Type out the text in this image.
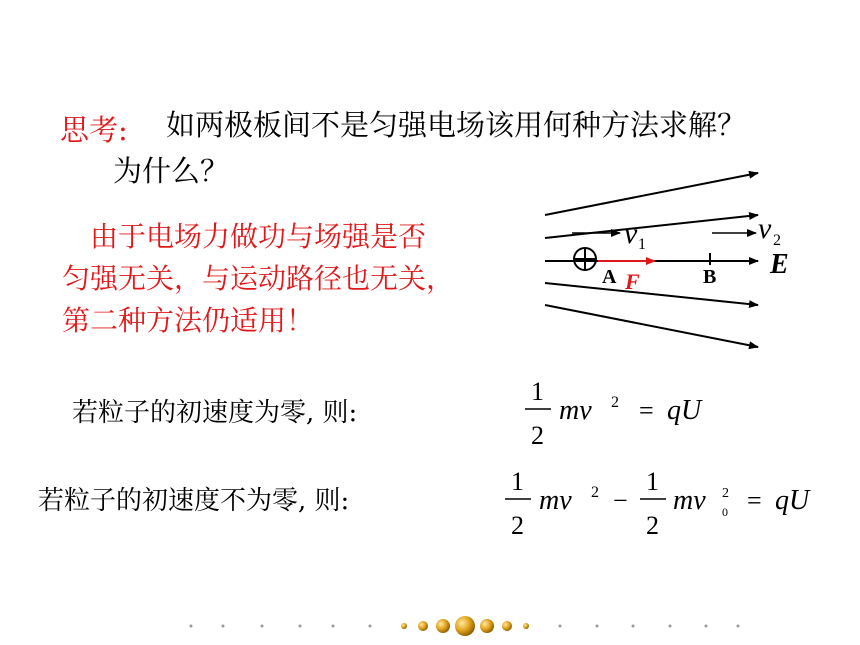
思考: 如两极板间不是匀强电场该用何种方法求解？
为什么？
　由于电场力做功与场强是否
匀强无关，与运动路径也无关，
第二种方法仍适用！
v 1	v 2
F
A	B E
若粒子的初速度为零, 则:
若粒子的初速度不为零, 则:
1
2
mv 2 = qU
1
2
mv 2 −
1
2
mv 2
0 = qU
